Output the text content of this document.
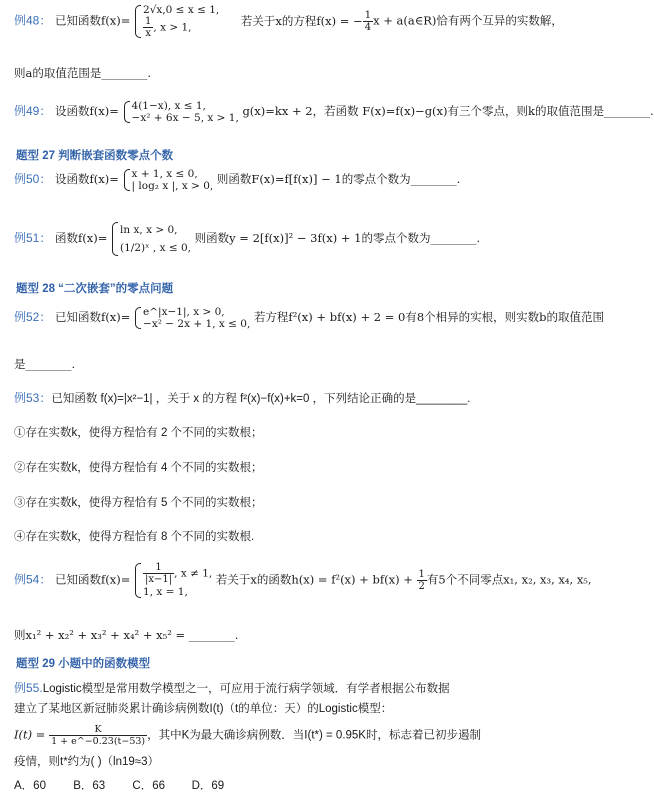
例48： 已知函数f(x)=
2√x,0 ≤ x ≤ 1,
$\frac{1}{x}$ , x > 1,	若关于x的方程f(x) = − $\frac{1}{4}$ x + a(a∈R)恰有两个互异的实数解，
则a的取值范围是________.
例49： 设函数f(x)= 4(1−x), x ≤ 1,
−x² + 6x − 5, x > 1, g(x)=kx + 2，若函数 F(x)=f(x)−g(x)有三个零点，则k的取值范围是________.
题型 27 判断嵌套函数零点个数
例50： 设函数f(x)= x + 1, x ≤ 0,
| log₂ x |, x > 0, 则函数F(x)=f[f(x)] − 1的零点个数为________.
例51： 函数f(x)=
ln x, x > 0,
(1/2)ˣ , x ≤ 0,
则函数y = 2[f(x)]² − 3f(x) + 1的零点个数为________.
题型 28 “二次嵌套”的零点问题
例52： 已知函数f(x)= e^|x−1|, x > 0,
−x² − 2x + 1, x ≤ 0, 若方程f²(x) + bf(x) + 2 = 0有8个相异的实根，则实数b的取值范围
是________.
例53：已知函数 f(x)=|x²−1| ，关于 x 的方程 f²(x)−f(x)+k=0 ，下列结论正确的是________.
①存在实数k，使得方程恰有 2 个不同的实数根；
②存在实数k，使得方程恰有 4 个不同的实数根；
③存在实数k，使得方程恰有 5 个不同的实数根；
④存在实数k，使得方程恰有 8 个不同的实数根.
例54： 已知函数$f(x)= \frac{1}{|x-1|}$ , x ≠ 1,
1, x = 1,
若关于x的函数$h(x) = f^2(x) + bf(x) + \frac{1}{2}$ 有5个不同零点x₁, x₂, x₃, x₄, x₅,
则x₁² + x₂² + x₃² + x₄² + x₅² = ________.
题型 29 小题中的函数模型
例55.Logistic模型是常用数学模型之一，可应用于流行病学领域．有学者根据公布数据
建立了某地区新冠肺炎累计确诊病例数I(t)（t的单位：天）的Logistic模型：
$I(t) = \frac{K}{1 + e\^{}-0.23(t-53)}$ ，其中K为最大确诊病例数．当I(t*) = 0.95K时，标志着已初步遏制
疫情，则t*约为( )（ln19≈3）
A．60 B．63 C．66 D．69
